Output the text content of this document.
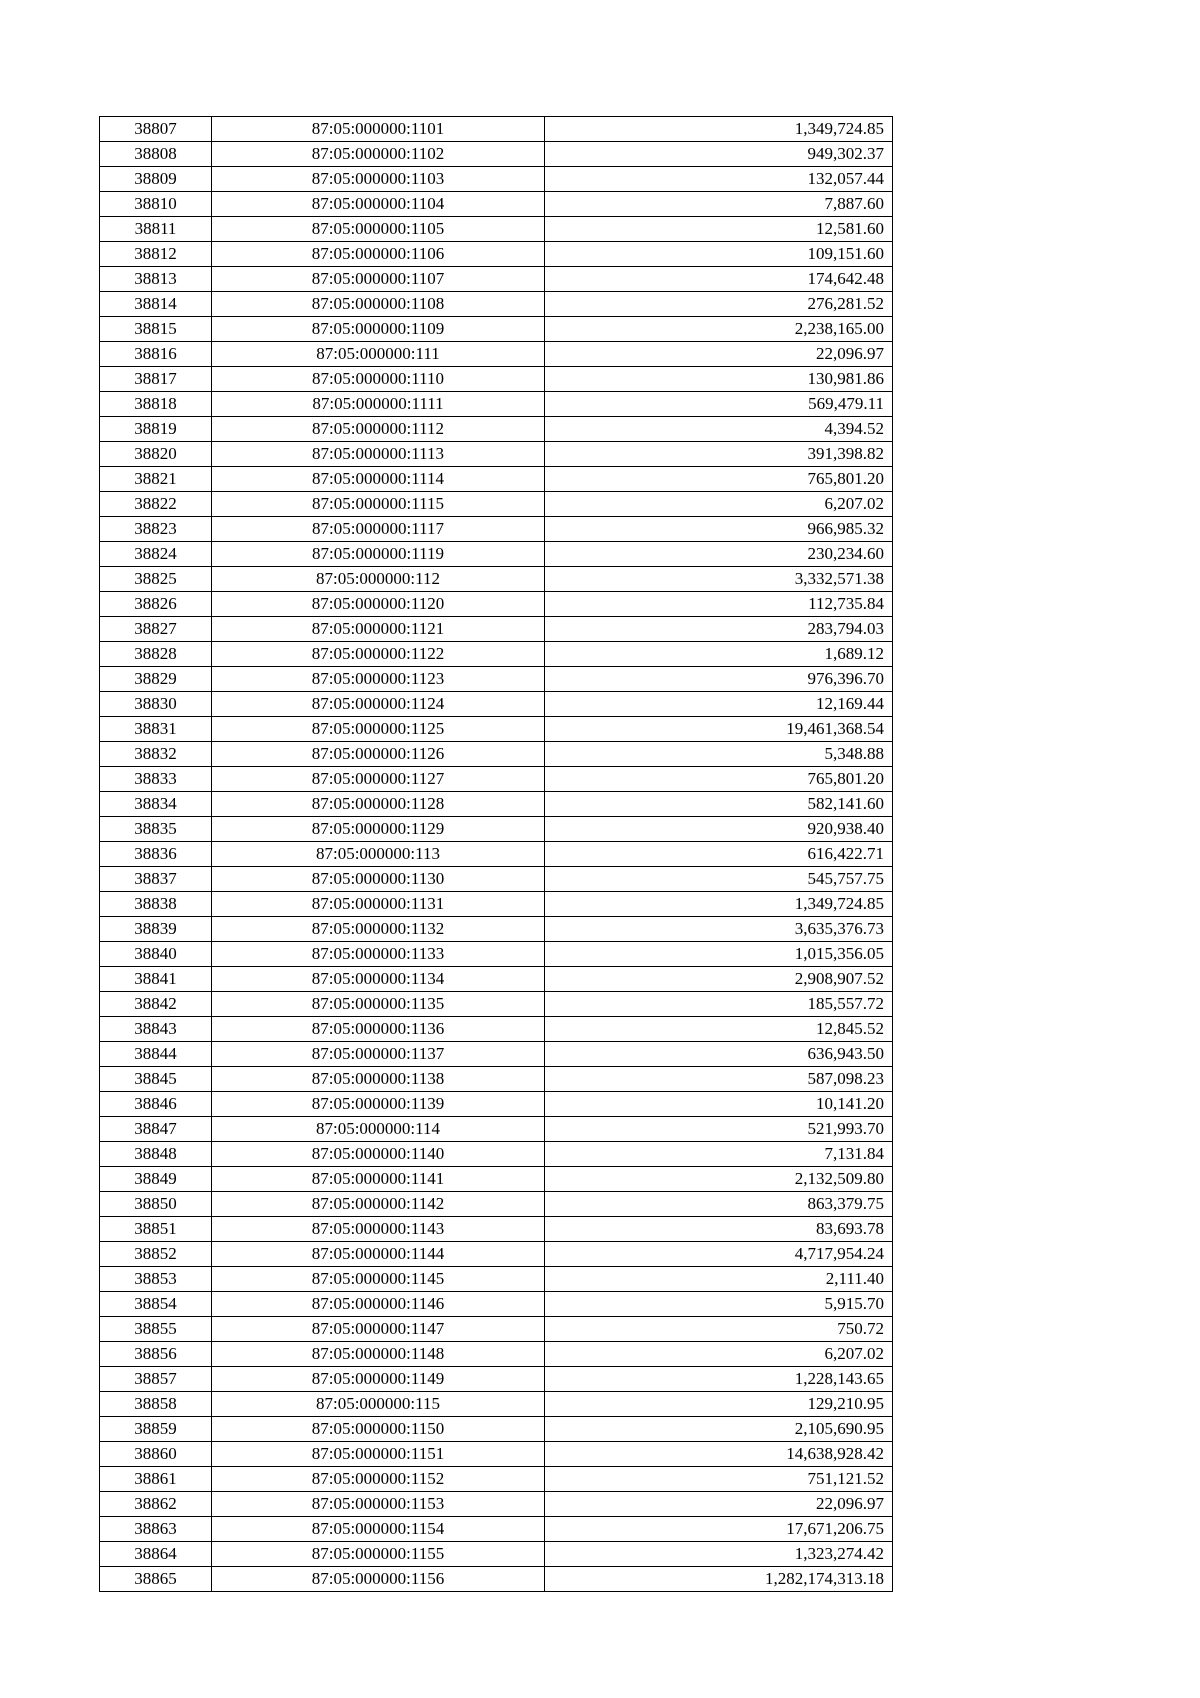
38807	87:05:000000:1101	1,349,724.85
38808	87:05:000000:1102	949,302.37
38809	87:05:000000:1103	132,057.44
38810	87:05:000000:1104	7,887.60
38811	87:05:000000:1105	12,581.60
38812	87:05:000000:1106	109,151.60
38813	87:05:000000:1107	174,642.48
38814	87:05:000000:1108	276,281.52
38815	87:05:000000:1109	2,238,165.00
38816	87:05:000000:111	22,096.97
38817	87:05:000000:1110	130,981.86
38818	87:05:000000:1111	569,479.11
38819	87:05:000000:1112	4,394.52
38820	87:05:000000:1113	391,398.82
38821	87:05:000000:1114	765,801.20
38822	87:05:000000:1115	6,207.02
38823	87:05:000000:1117	966,985.32
38824	87:05:000000:1119	230,234.60
38825	87:05:000000:112	3,332,571.38
38826	87:05:000000:1120	112,735.84
38827	87:05:000000:1121	283,794.03
38828	87:05:000000:1122	1,689.12
38829	87:05:000000:1123	976,396.70
38830	87:05:000000:1124	12,169.44
38831	87:05:000000:1125	19,461,368.54
38832	87:05:000000:1126	5,348.88
38833	87:05:000000:1127	765,801.20
38834	87:05:000000:1128	582,141.60
38835	87:05:000000:1129	920,938.40
38836	87:05:000000:113	616,422.71
38837	87:05:000000:1130	545,757.75
38838	87:05:000000:1131	1,349,724.85
38839	87:05:000000:1132	3,635,376.73
38840	87:05:000000:1133	1,015,356.05
38841	87:05:000000:1134	2,908,907.52
38842	87:05:000000:1135	185,557.72
38843	87:05:000000:1136	12,845.52
38844	87:05:000000:1137	636,943.50
38845	87:05:000000:1138	587,098.23
38846	87:05:000000:1139	10,141.20
38847	87:05:000000:114	521,993.70
38848	87:05:000000:1140	7,131.84
38849	87:05:000000:1141	2,132,509.80
38850	87:05:000000:1142	863,379.75
38851	87:05:000000:1143	83,693.78
38852	87:05:000000:1144	4,717,954.24
38853	87:05:000000:1145	2,111.40
38854	87:05:000000:1146	5,915.70
38855	87:05:000000:1147	750.72
38856	87:05:000000:1148	6,207.02
38857	87:05:000000:1149	1,228,143.65
38858	87:05:000000:115	129,210.95
38859	87:05:000000:1150	2,105,690.95
38860	87:05:000000:1151	14,638,928.42
38861	87:05:000000:1152	751,121.52
38862	87:05:000000:1153	22,096.97
38863	87:05:000000:1154	17,671,206.75
38864	87:05:000000:1155	1,323,274.42
38865	87:05:000000:1156	1,282,174,313.18
